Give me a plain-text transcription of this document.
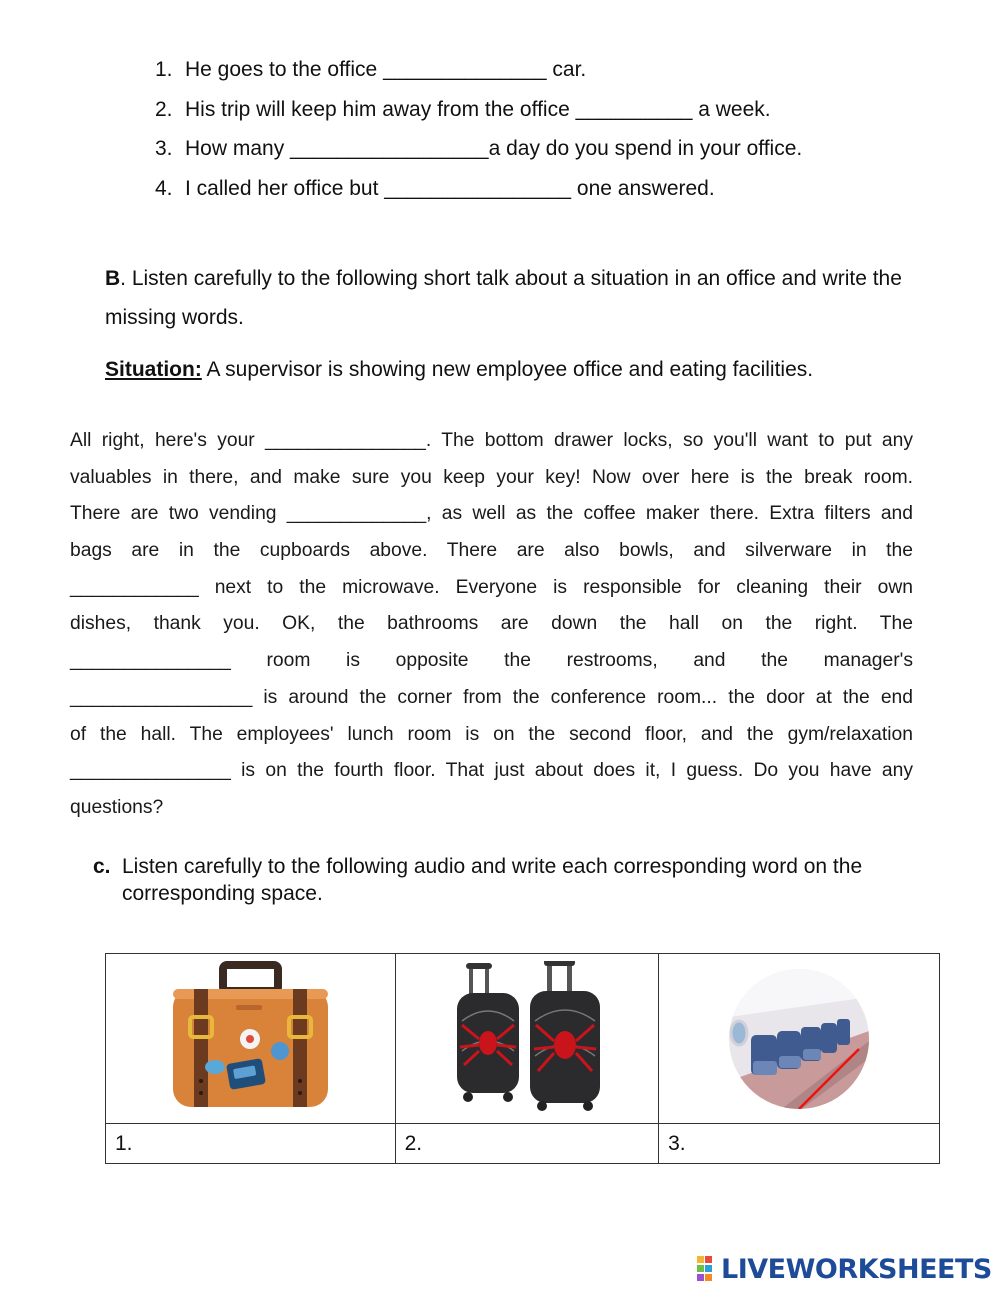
1. He goes to the office ______________ car.
2. His trip will keep him away from the office __________ a week.
3. How many _________________a day do you spend in your office.
4. I called her office but ________________ one answered.
B. Listen carefully to the following short talk about a situation in an office and write the missing words.
Situation: A supervisor is showing new employee office and eating facilities.
All right, here's your _______________. The bottom drawer locks, so you'll want to put any
valuables in there, and make sure you keep your key! Now over here is the break room.
There are two vending _____________, as well as the coffee maker there. Extra filters and
bags are in the cupboards above. There are also bowls, and silverware in the
____________ next to the microwave. Everyone is responsible for cleaning their own
dishes, thank you. OK, the bathrooms are down the hall on the right. The
_______________ room is opposite the restrooms, and the manager's
_________________ is around the corner from the conference room... the door at the end
of the hall. The employees' lunch room is on the second floor, and the gym/relaxation
_______________ is on the fourth floor. That just about does it, I guess. Do you have any
questions?
c. Listen carefully to the following audio and write each corresponding word on the
corresponding space.

1.	2.	3.
LIVEWORKSHEETS
